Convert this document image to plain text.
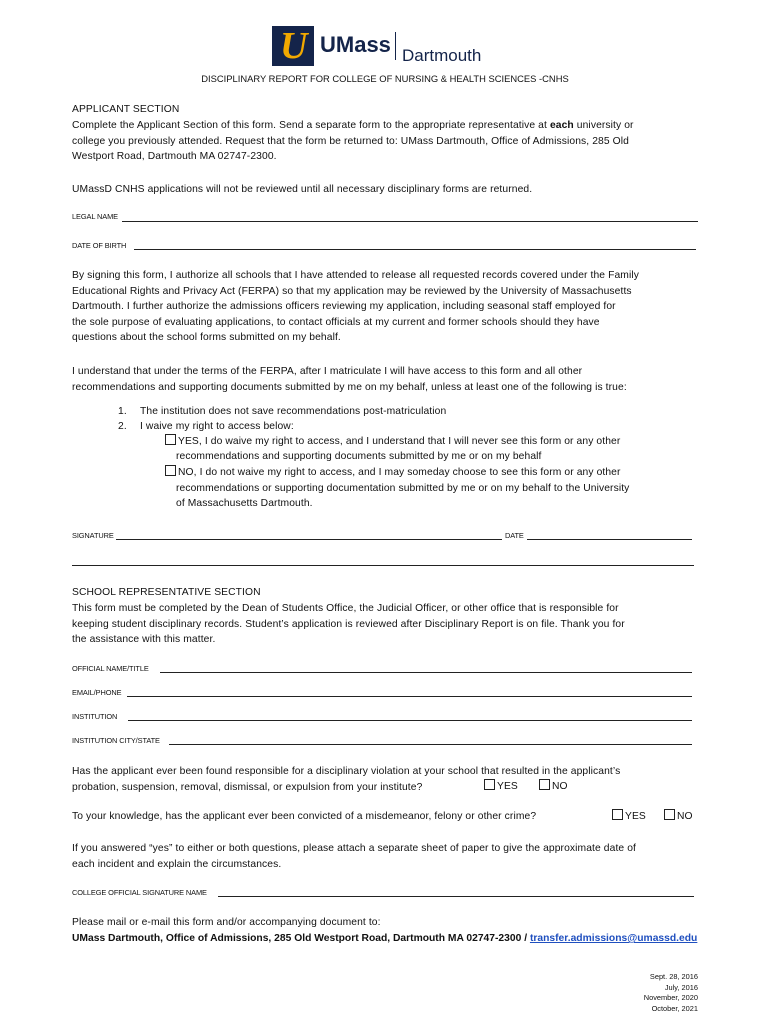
U UMass Dartmouth
DISCIPLINARY REPORT FOR COLLEGE OF NURSING & HEALTH SCIENCES -CNHS
APPLICANT SECTION
Complete the Applicant Section of this form. Send a separate form to the appropriate representative at each university or
college you previously attended. Request that the form be returned to: UMass Dartmouth, Office of Admissions, 285 Old
Westport Road, Dartmouth MA 02747-2300.
UMassD CNHS applications will not be reviewed until all necessary disciplinary forms are returned.
LEGAL NAME
DATE OF BIRTH
By signing this form, I authorize all schools that I have attended to release all requested records covered under the Family
Educational Rights and Privacy Act (FERPA) so that my application may be reviewed by the University of Massachusetts
Dartmouth. I further authorize the admissions officers reviewing my application, including seasonal staff employed for
the sole purpose of evaluating applications, to contact officials at my current and former schools should they have
questions about the school forms submitted on my behalf.
I understand that under the terms of the FERPA, after I matriculate I will have access to this form and all other
recommendations and supporting documents submitted by me on my behalf, unless at least one of the following is true:
1. The institution does not save recommendations post-matriculation
2. I waive my right to access below:
YES, I do waive my right to access, and I understand that I will never see this form or any other
recommendations and supporting documents submitted by me or on my behalf
NO, I do not waive my right to access, and I may someday choose to see this form or any other
recommendations or supporting documentation submitted by me or on my behalf to the University
of Massachusetts Dartmouth.
SIGNATURE	DATE
SCHOOL REPRESENTATIVE SECTION
This form must be completed by the Dean of Students Office, the Judicial Officer, or other office that is responsible for
keeping student disciplinary records. Student’s application is reviewed after Disciplinary Report is on file. Thank you for
the assistance with this matter.
OFFICIAL NAME/TITLE
EMAIL/PHONE
INSTITUTION
INSTITUTION CITY/STATE
Has the applicant ever been found responsible for a disciplinary violation at your school that resulted in the applicant’s
probation, suspension, removal, dismissal, or expulsion from your institute?	YES	NO
To your knowledge, has the applicant ever been convicted of a misdemeanor, felony or other crime?	YES	NO
If you answered “yes” to either or both questions, please attach a separate sheet of paper to give the approximate date of
each incident and explain the circumstances.
COLLEGE OFFICIAL SIGNATURE NAME
Please mail or e-mail this form and/or accompanying document to:
UMass Dartmouth, Office of Admissions, 285 Old Westport Road, Dartmouth MA 02747-2300 / transfer.admissions@umassd.edu
Sept. 28, 2016
July, 2016
November, 2020
October, 2021
